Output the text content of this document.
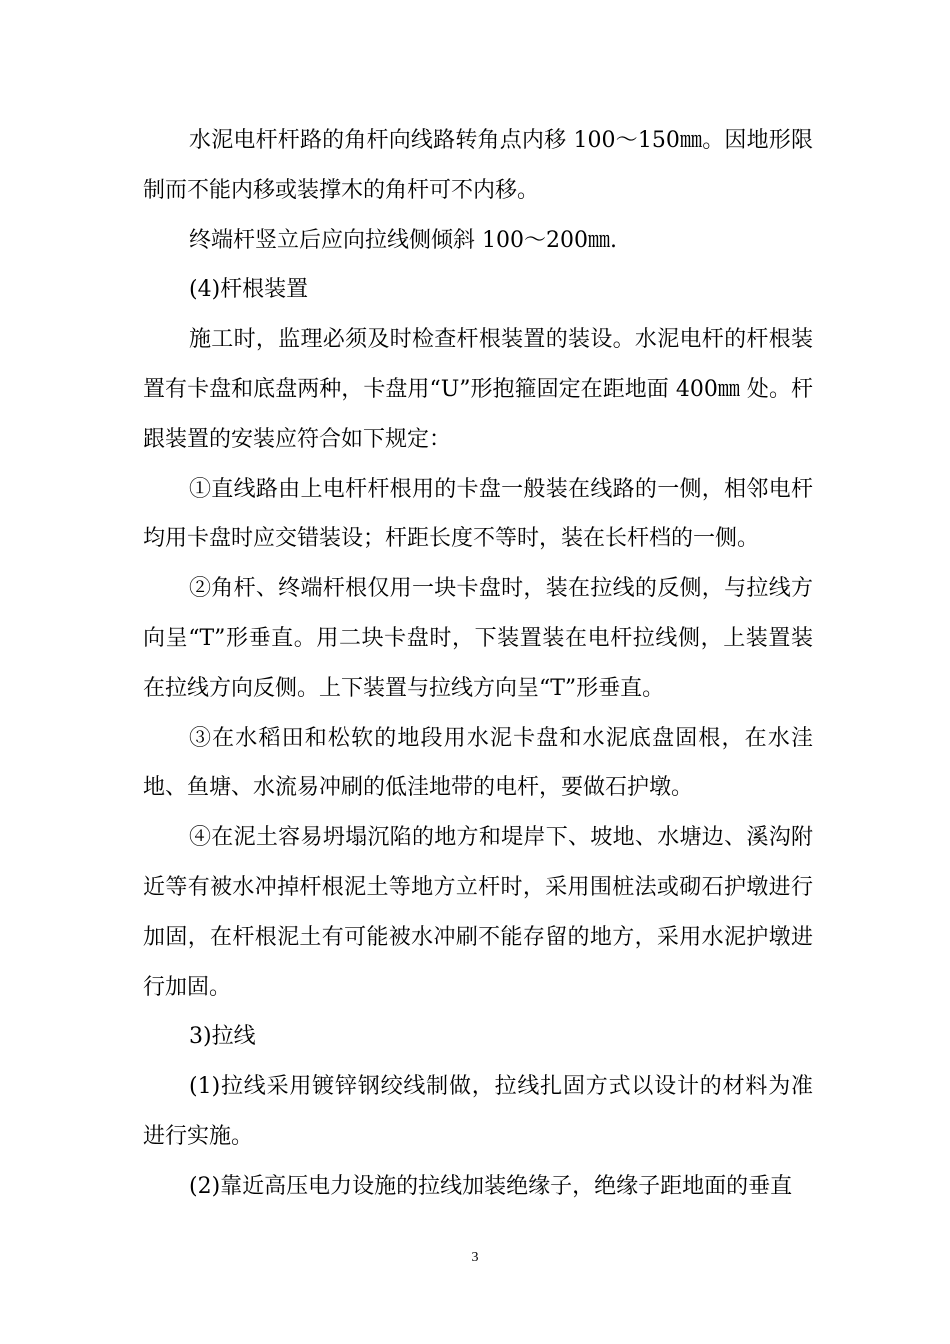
水泥电杆杆路的角杆向线路转角点内移 100～150㎜。因地形限制而不能内移或装撑木的角杆可不内移。

终端杆竖立后应向拉线侧倾斜 100～200㎜.

(4)杆根装置

施工时，监理必须及时检查杆根装置的装设。水泥电杆的杆根装置有卡盘和底盘两种，卡盘用“U”形抱箍固定在距地面 400㎜ 处。杆跟装置的安装应符合如下规定：

①直线路由上电杆杆根用的卡盘一般装在线路的一侧，相邻电杆均用卡盘时应交错装设；杆距长度不等时，装在长杆档的一侧。

②角杆、终端杆根仅用一块卡盘时，装在拉线的反侧，与拉线方向呈“T”形垂直。用二块卡盘时，下装置装在电杆拉线侧，上装置装在拉线方向反侧。上下装置与拉线方向呈“T”形垂直。

③在水稻田和松软的地段用水泥卡盘和水泥底盘固根，在水洼地、鱼塘、水流易冲刷的低洼地带的电杆，要做石护墩。

④在泥土容易坍塌沉陷的地方和堤岸下、坡地、水塘边、溪沟附近等有被水冲掉杆根泥土等地方立杆时，采用围桩法或砌石护墩进行加固，在杆根泥土有可能被水冲刷不能存留的地方，采用水泥护墩进行加固。

3)拉线

(1)拉线采用镀锌钢绞线制做，拉线扎固方式以设计的材料为准进行实施。

(2)靠近高压电力设施的拉线加装绝缘子，绝缘子距地面的垂直

3
